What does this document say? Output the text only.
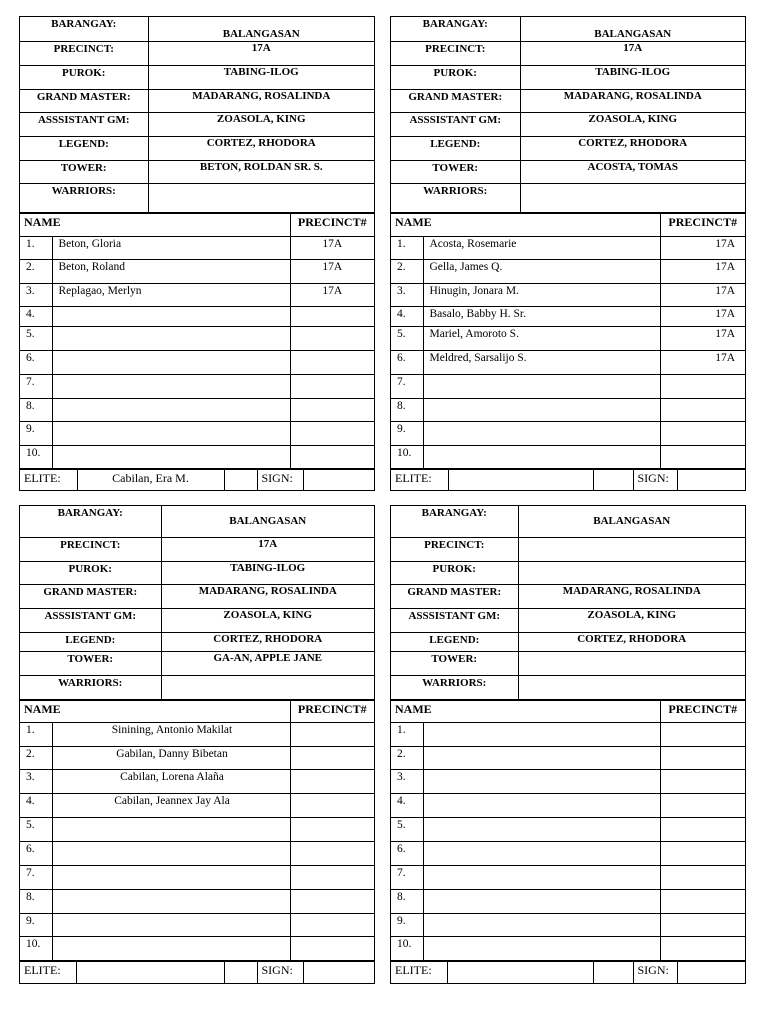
BARANGAY:	BALANGASAN
PRECINCT:	17A
PUROK:	TABING-ILOG
GRAND MASTER:	MADARANG, ROSALINDA
ASSSISTANT GM:	ZOASOLA, KING
LEGEND:	CORTEZ, RHODORA
TOWER:	BETON, ROLDAN SR. S.
WARRIORS:	
NAME		PRECINCT#
1.	Beton, Gloria	17A
2.	Beton, Roland	17A
3.	Replagao, Merlyn	17A
4.		
5.		
6.		
7.		
8.		
9.		
10.		
ELITE:	Cabilan, Era M.		SIGN:	
BARANGAY:	BALANGASAN
PRECINCT:	17A
PUROK:	TABING-ILOG
GRAND MASTER:	MADARANG, ROSALINDA
ASSSISTANT GM:	ZOASOLA, KING
LEGEND:	CORTEZ, RHODORA
TOWER:	ACOSTA, TOMAS
WARRIORS:	
NAME		PRECINCT#
1.	Acosta, Rosemarie	17A
2.	Gella, James Q.	17A
3.	Hinugin, Jonara M.	17A
4.	Basalo, Babby H. Sr.	17A
5.	Mariel, Amoroto S.	17A
6.	Meldred, Sarsalijo S.	17A
7.		
8.		
9.		
10.		
ELITE:			SIGN:	
BARANGAY:	BALANGASAN
PRECINCT:	17A
PUROK:	TABING-ILOG
GRAND MASTER:	MADARANG, ROSALINDA
ASSSISTANT GM:	ZOASOLA, KING
LEGEND:	CORTEZ, RHODORA
TOWER:	GA-AN, APPLE JANE
WARRIORS:	
NAME		PRECINCT#
1.	Sinining, Antonio Makilat	
2.	Gabilan, Danny Bibetan	
3.	Cabilan, Lorena Alaña	
4.	Cabilan, Jeannex Jay Ala	
5.		
6.		
7.		
8.		
9.		
10.		
ELITE:			SIGN:	
BARANGAY:	BALANGASAN
PRECINCT:	
PUROK:	
GRAND MASTER:	MADARANG, ROSALINDA
ASSSISTANT GM:	ZOASOLA, KING
LEGEND:	CORTEZ, RHODORA
TOWER:	
WARRIORS:	
NAME		PRECINCT#
1.		
2.		
3.		
4.		
5.		
6.		
7.		
8.		
9.		
10.		
ELITE:			SIGN:	
